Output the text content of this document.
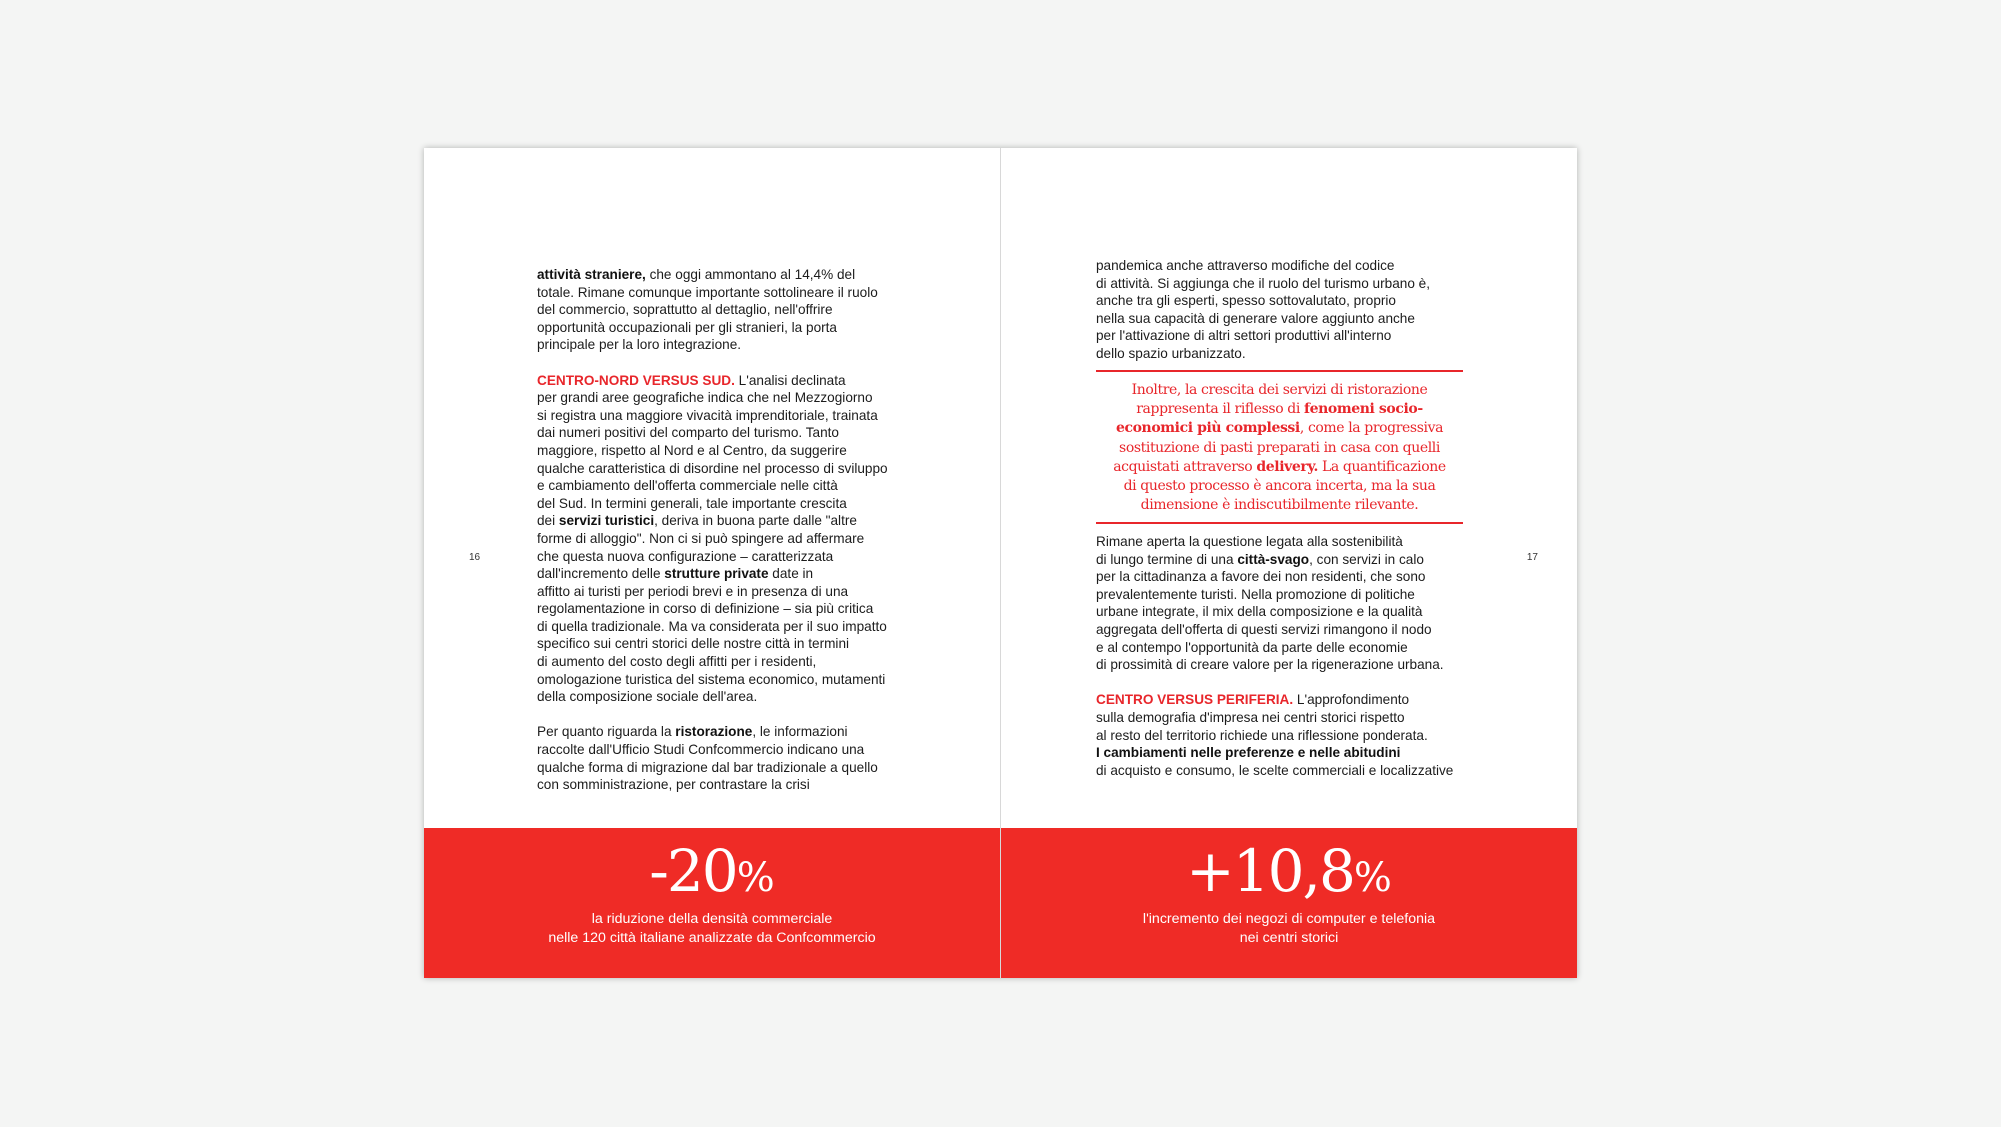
attività straniere, che oggi ammontano al 14,4% del
totale. Rimane comunque importante sottolineare il ruolo
del commercio, soprattutto al dettaglio, nell'offrire
opportunità occupazionali per gli stranieri, la porta
principale per la loro integrazione.
CENTRO-NORD VERSUS SUD. L'analisi declinata
per grandi aree geografiche indica che nel Mezzogiorno
si registra una maggiore vivacità imprenditoriale, trainata
dai numeri positivi del comparto del turismo. Tanto
maggiore, rispetto al Nord e al Centro, da suggerire
qualche caratteristica di disordine nel processo di sviluppo
e cambiamento dell'offerta commerciale nelle città
del Sud. In termini generali, tale importante crescita
dei servizi turistici, deriva in buona parte dalle "altre
forme di alloggio". Non ci si può spingere ad affermare
che questa nuova configurazione – caratterizzata
dall'incremento delle strutture private date in
affitto ai turisti per periodi brevi e in presenza di una
regolamentazione in corso di definizione – sia più critica
di quella tradizionale. Ma va considerata per il suo impatto
specifico sui centri storici delle nostre città in termini
di aumento del costo degli affitti per i residenti,
omologazione turistica del sistema economico, mutamenti
della composizione sociale dell'area.
Per quanto riguarda la ristorazione, le informazioni
raccolte dall'Ufficio Studi Confcommercio indicano una
qualche forma di migrazione dal bar tradizionale a quello
con somministrazione, per contrastare la crisi
16
-20%
la riduzione della densità commerciale
nelle 120 città italiane analizzate da Confcommercio
pandemica anche attraverso modifiche del codice
di attività. Si aggiunga che il ruolo del turismo urbano è,
anche tra gli esperti, spesso sottovalutato, proprio
nella sua capacità di generare valore aggiunto anche
per l'attivazione di altri settori produttivi all'interno
dello spazio urbanizzato.
Inoltre, la crescita dei servizi di ristorazione
rappresenta il riflesso di fenomeni socio-
economici più complessi, come la progressiva
sostituzione di pasti preparati in casa con quelli
acquistati attraverso delivery. La quantificazione
di questo processo è ancora incerta, ma la sua
dimensione è indiscutibilmente rilevante.
Rimane aperta la questione legata alla sostenibilità
di lungo termine di una città-svago, con servizi in calo
per la cittadinanza a favore dei non residenti, che sono
prevalentemente turisti. Nella promozione di politiche
urbane integrate, il mix della composizione e la qualità
aggregata dell'offerta di questi servizi rimangono il nodo
e al contempo l'opportunità da parte delle economie
di prossimità di creare valore per la rigenerazione urbana.
CENTRO VERSUS PERIFERIA. L'approfondimento
sulla demografia d'impresa nei centri storici rispetto
al resto del territorio richiede una riflessione ponderata.
I cambiamenti nelle preferenze e nelle abitudini
di acquisto e consumo, le scelte commerciali e localizzative
17
+10,8%
l'incremento dei negozi di computer e telefonia
nei centri storici
